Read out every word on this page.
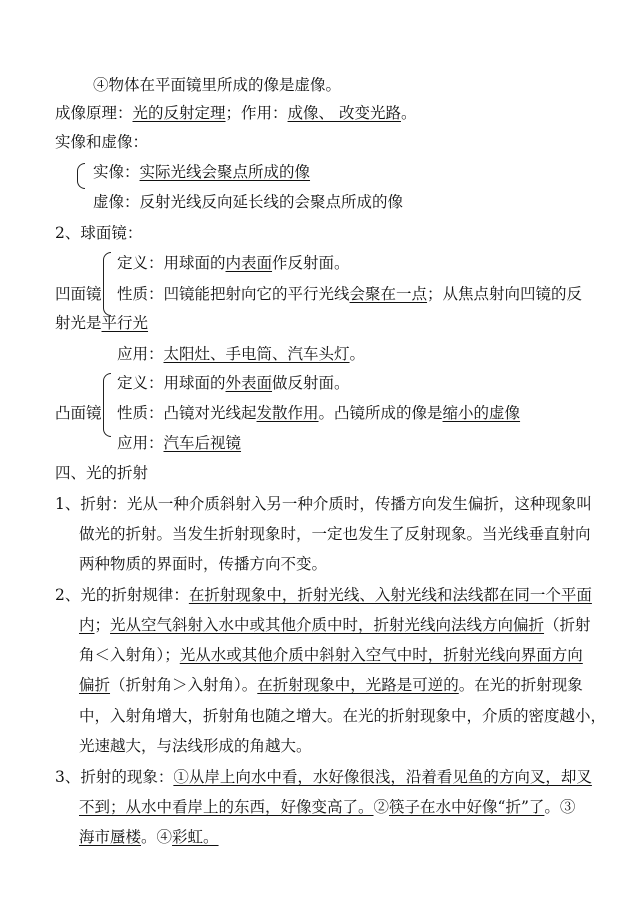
④物体在平面镜里所成的像是虚像。
成像原理：光的反射定理；作用：成像、 改变光路。
实像和虚像：
实像：实际光线会聚点所成的像
虚像：反射光线反向延长线的会聚点所成的像
2、球面镜：
定义：用球面的内表面作反射面。
凹面镜 性质：凹镜能把射向它的平行光线会聚在一点；从焦点射向凹镜的反
射光是平行光
应用：太阳灶、手电筒、汽车头灯。
定义：用球面的外表面做反射面。
凸面镜 性质：凸镜对光线起发散作用。凸镜所成的像是缩小的虚像
应用：汽车后视镜
四、光的折射
1、折射：光从一种介质斜射入另一种介质时，传播方向发生偏折，这种现象叫
做光的折射。当发生折射现象时，一定也发生了反射现象。当光线垂直射向
两种物质的界面时，传播方向不变。
2、光的折射规律：在折射现象中，折射光线、入射光线和法线都在同一个平面
内；光从空气斜射入水中或其他介质中时，折射光线向法线方向偏折（折射
角＜入射角）；光从水或其他介质中斜射入空气中时，折射光线向界面方向
偏折（折射角＞入射角）。在折射现象中，光路是可逆的。在光的折射现象
中，入射角增大，折射角也随之增大。在光的折射现象中，介质的密度越小，
光速越大，与法线形成的角越大。
3、折射的现象：①从岸上向水中看，水好像很浅，沿着看见鱼的方向叉，却叉
不到；从水中看岸上的东西，好像变高了。②筷子在水中好像“折”了。③
海市蜃楼。④彩虹。
